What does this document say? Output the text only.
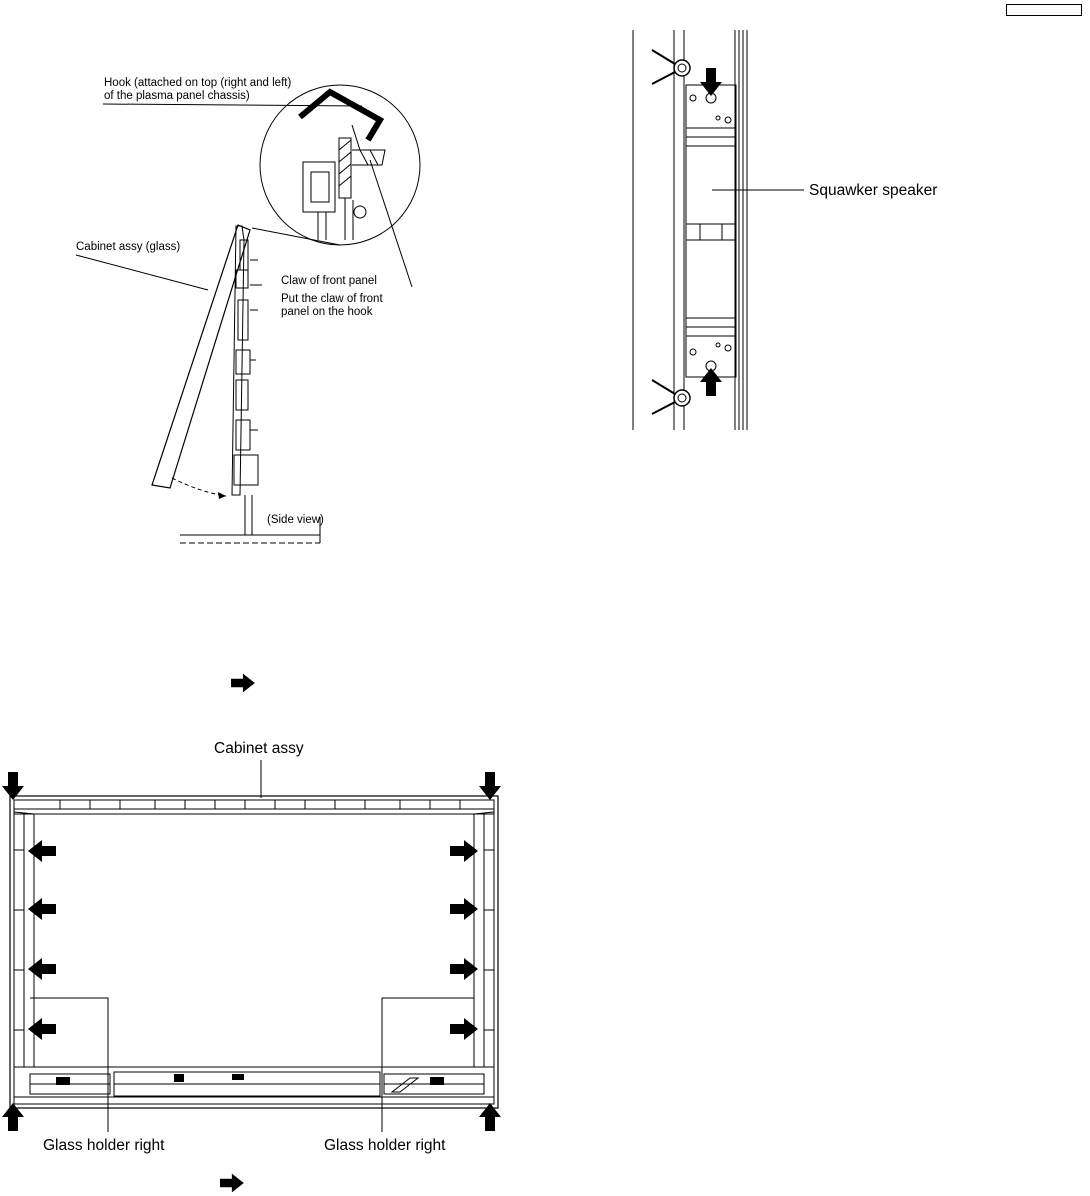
Hook (attached on top (right and left)
of the plasma panel chassis)
Cabinet assy (glass)
Claw of front panel
Put the claw of front
panel on the hook
(Side view)
Squawker speaker
Cabinet assy
Glass holder right	Glass holder right
